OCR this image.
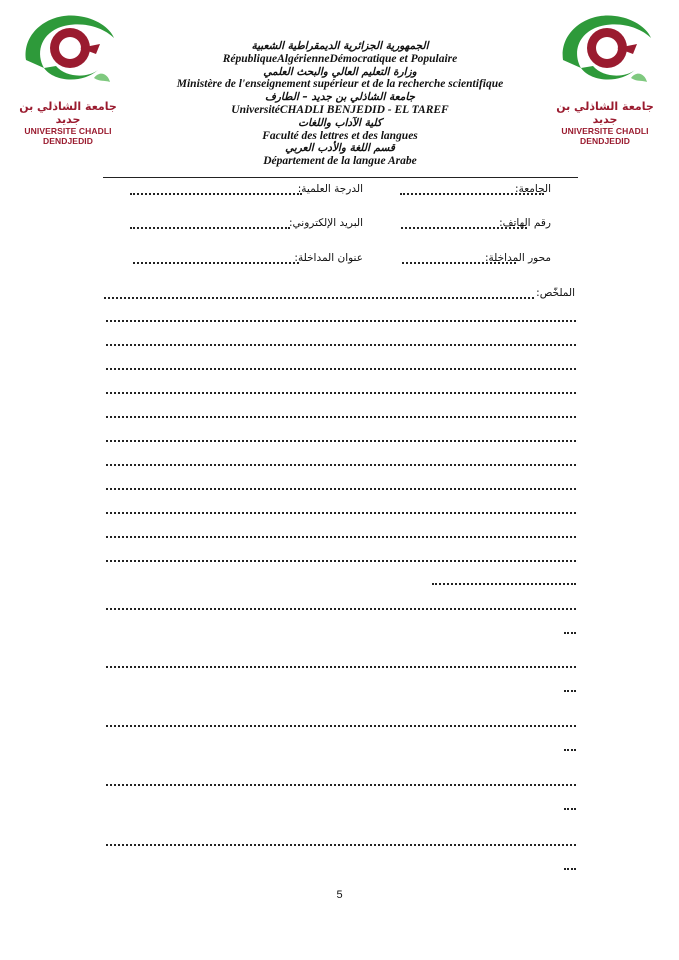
جامعة الشاذلي بن جديد
UNIVERSITE CHADLI DENDJEDID
جامعة الشاذلي بن جديد
UNIVERSITE CHADLI DENDJEDID
الجمهورية الجزائرية الديمقراطية الشعبية
RépubliqueAlgérienneDémocratique et Populaire
وزارة التعليم العالي والبحث العلمي
Ministère de l'enseignement supérieur et de la recherche scientifique
جامعة الشاذلي بن جديد – الطارف
UniversitéCHADLI BENJEDID - EL TAREF
كلية الآداب واللغات
Faculté des lettres et des langues
قسم اللغة والأدب العربي
Département de la langue Arabe
الجامعة:
الدرجة العلمية:
رقم الهاتف:
البريد الإلكتروني:
محور المداخلة:
عنوان المداخلة:
الملخّص:
5
